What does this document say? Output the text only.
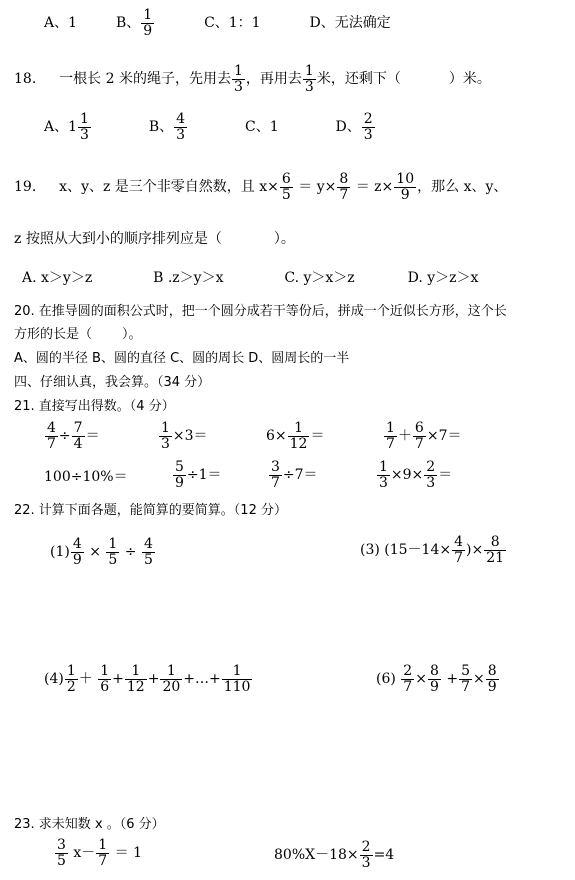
A、1	B、 $\frac{1}{9}$	C、1：1	D、无法确定
18. 一根长 2 米的绳子，先用去 $\frac{1}{3}$ ，再用去 $\frac{1}{3}$ 米，还剩下（	）米。
A、$1 \frac{1}{3}$	B、 $\frac{4}{3}$	C、1	D、 $\frac{2}{3}$
19. x、y、z 是三个非零自然数，且 $x\times \frac{6}{5} = y\times \frac{8}{7} = z\times \frac{10}{9}$ ，那么 x、y、
z 按照从大到小的顺序排列应是（	）。
A. x＞y＞z	B .z＞y＞x	C. y＞x＞z	D. y＞z＞x
20. 在推导圆的面积公式时，把一个圆分成若干等份后，拼成一个近似长方形，这个长
方形的长是（ ）。
A、圆的半径 B、圆的直径 C、圆的周长 D、圆周长的一半
四、仔细认真，我会算。（34 分）
21. 直接写出得数。（4 分）
$\frac{4}{7} \div \frac{7}{4}$ ＝	$\frac{1}{3} \times 3=$	$6\times \frac{1}{12}$ ＝	$\frac{1}{7} + \frac{6}{7} \times 7=$
100÷10%＝	$\frac{5}{9} \div 1=$	$\frac{3}{7} \div 7=$	$\frac{1}{3} \times 9\times \frac{2}{3}$ ＝
22. 计算下面各题，能简算的要简算。（12 分）
$(1) \frac{4}{9} \times \frac{1}{5} \div \frac{4}{5}$	(3) ($15-14\times \frac{4}{7}$ )× $\frac{8}{21}$
$(4) \frac{1}{2} + \frac{1}{6} + \frac{1}{12} + \frac{1}{20}$ +…+ $\frac{1}{110}$	$(6) \frac{2}{7} \times \frac{8}{9} + \frac{5}{7} \times \frac{8}{9}$
23. 求未知数 x 。（6 分）
$\frac{3}{5} x- \frac{1}{7} = 1$	$80\%X-18\times \frac{2}{3} =4$
